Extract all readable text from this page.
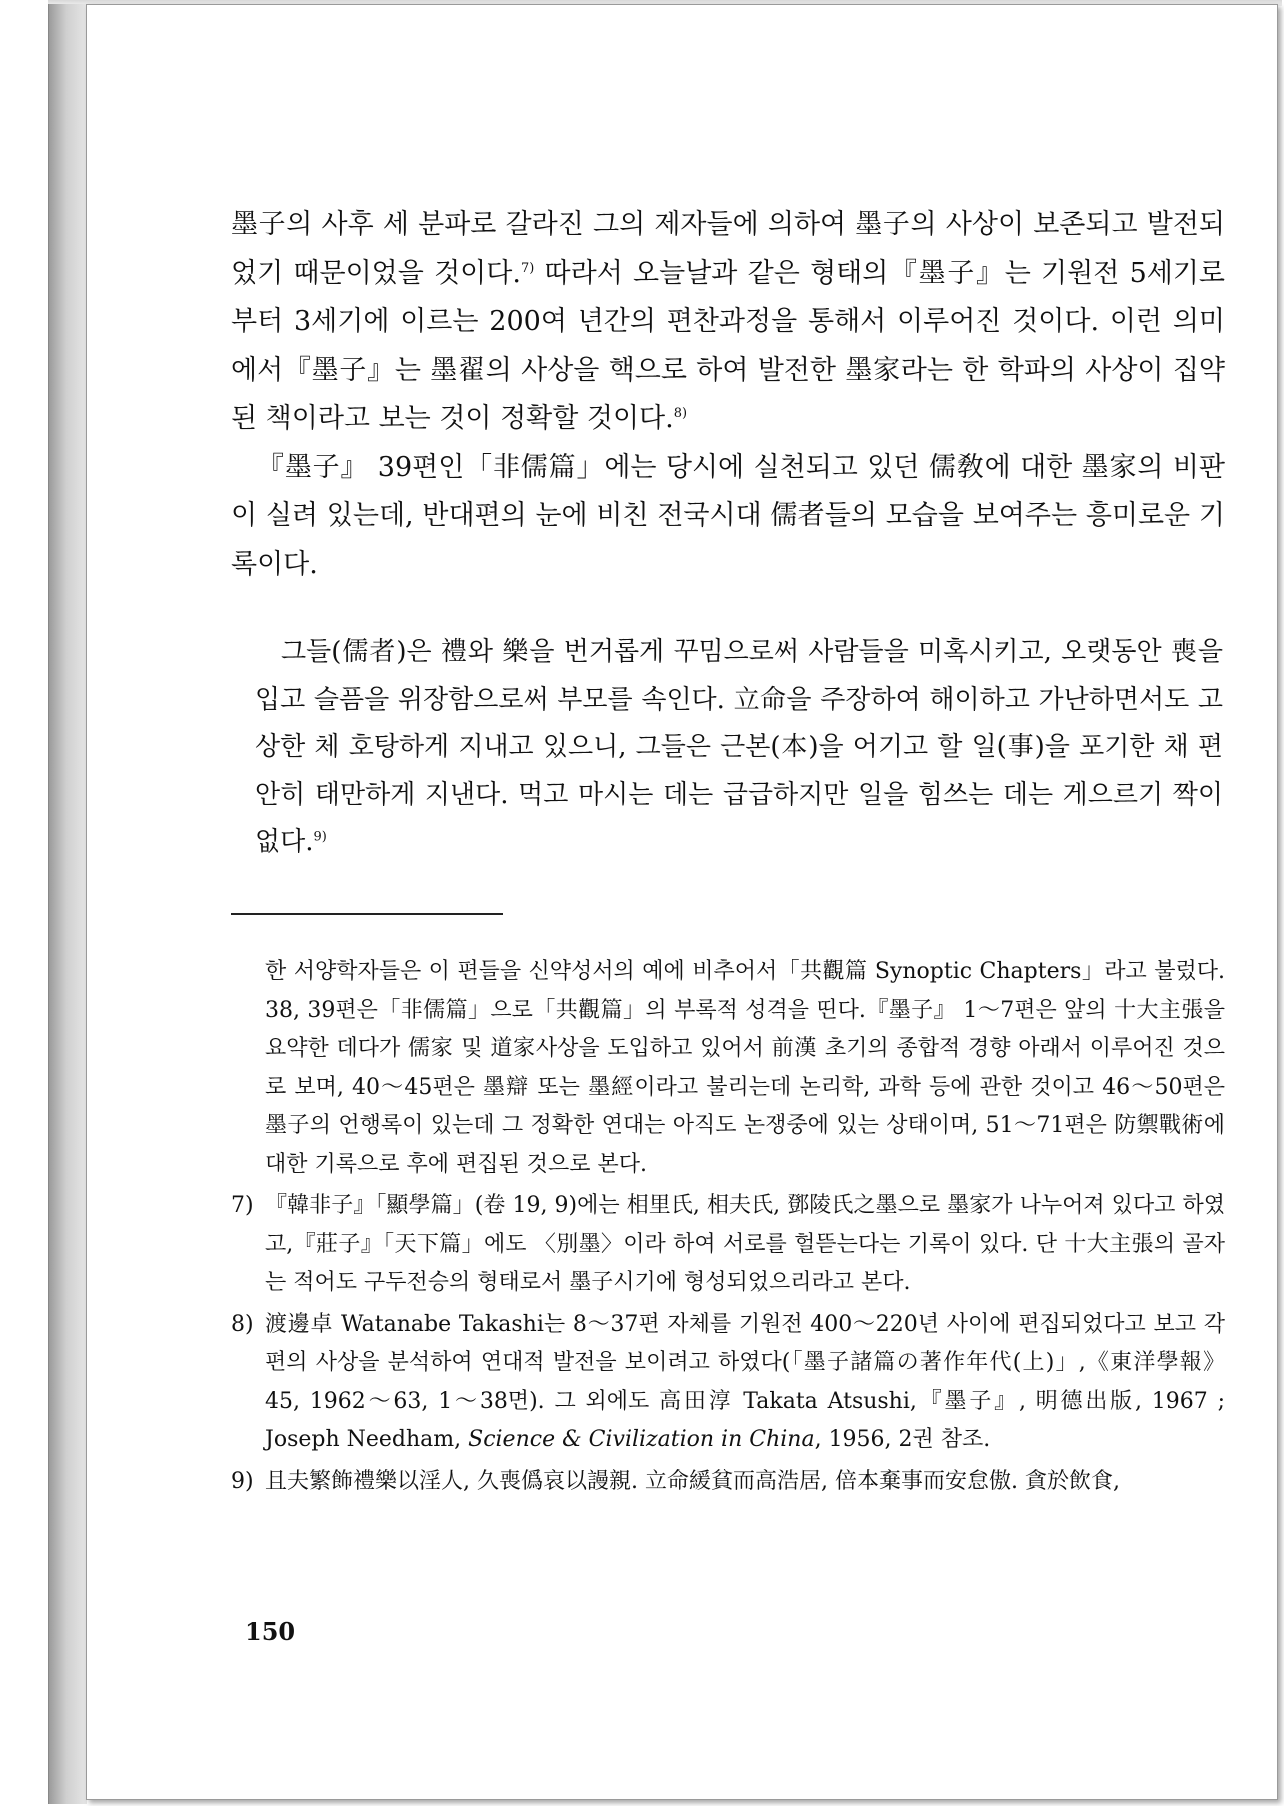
墨子의 사후 세 분파로 갈라진 그의 제자들에 의하여 墨子의 사상이 보존되고 발전되었기 때문이었을 것이다.$^{7)}$ 따라서 오늘날과 같은 형태의『墨子』는 기원전 5세기로부터 3세기에 이르는 200여 년간의 편찬과정을 통해서 이루어진 것이다. 이런 의미에서『墨子』는 墨翟의 사상을 핵으로 하여 발전한 墨家라는 한 학파의 사상이 집약된 책이라고 보는 것이 정확할 것이다.$^{8)}$

『墨子』 39편인「非儒篇」에는 당시에 실천되고 있던 儒敎에 대한 墨家의 비판이 실려 있는데, 반대편의 눈에 비친 전국시대 儒者들의 모습을 보여주는 흥미로운 기록이다.

그들(儒者)은 禮와 樂을 번거롭게 꾸밈으로써 사람들을 미혹시키고, 오랫동안 喪을 입고 슬픔을 위장함으로써 부모를 속인다. 立命을 주장하여 해이하고 가난하면서도 고상한 체 호탕하게 지내고 있으니, 그들은 근본(本)을 어기고 할 일(事)을 포기한 채 편안히 태만하게 지낸다. 먹고 마시는 데는 급급하지만 일을 힘쓰는 데는 게으르기 짝이 없다.$^{9)}$

한 서양학자들은 이 편들을 신약성서의 예에 비추어서「共觀篇 Synoptic Chapters」라고 불렀다. 38, 39편은「非儒篇」으로「共觀篇」의 부록적 성격을 띤다.『墨子』 1～7편은 앞의 十大主張을 요약한 데다가 儒家 및 道家사상을 도입하고 있어서 前漢 초기의 종합적 경향 아래서 이루어진 것으로 보며, 40～45편은 墨辯 또는 墨經이라고 불리는데 논리학, 과학 등에 관한 것이고 46～50편은 墨子의 언행록이 있는데 그 정확한 연대는 아직도 논쟁중에 있는 상태이며, 51～71편은 防禦戰術에 대한 기록으로 후에 편집된 것으로 본다.

7) 『韓非子』「顯學篇」(卷 19, 9)에는 相里氏, 相夫氏, 鄧陵氏之墨으로 墨家가 나누어져 있다고 하였고,『莊子』「天下篇」에도 〈別墨〉이라 하여 서로를 헐뜯는다는 기록이 있다. 단 十大主張의 골자는 적어도 구두전승의 형태로서 墨子시기에 형성되었으리라고 본다.

8) 渡邊卓 Watanabe Takashi는 8～37편 자체를 기원전 400～220년 사이에 편집되었다고 보고 각 편의 사상을 분석하여 연대적 발전을 보이려고 하였다(「墨子諸篇の著作年代(上)」,《東洋學報》 45, 1962～63, 1～38면). 그 외에도 高田淳 Takata Atsushi,『墨子』, 明德出版, 1967 ; Joseph Needham, Science & Civilization in China, 1956, 2권 참조.

9) 且夫繁飾禮樂以淫人, 久喪僞哀以謾親. 立命緩貧而高浩居, 倍本棄事而安怠傲. 貪於飲食,

150
